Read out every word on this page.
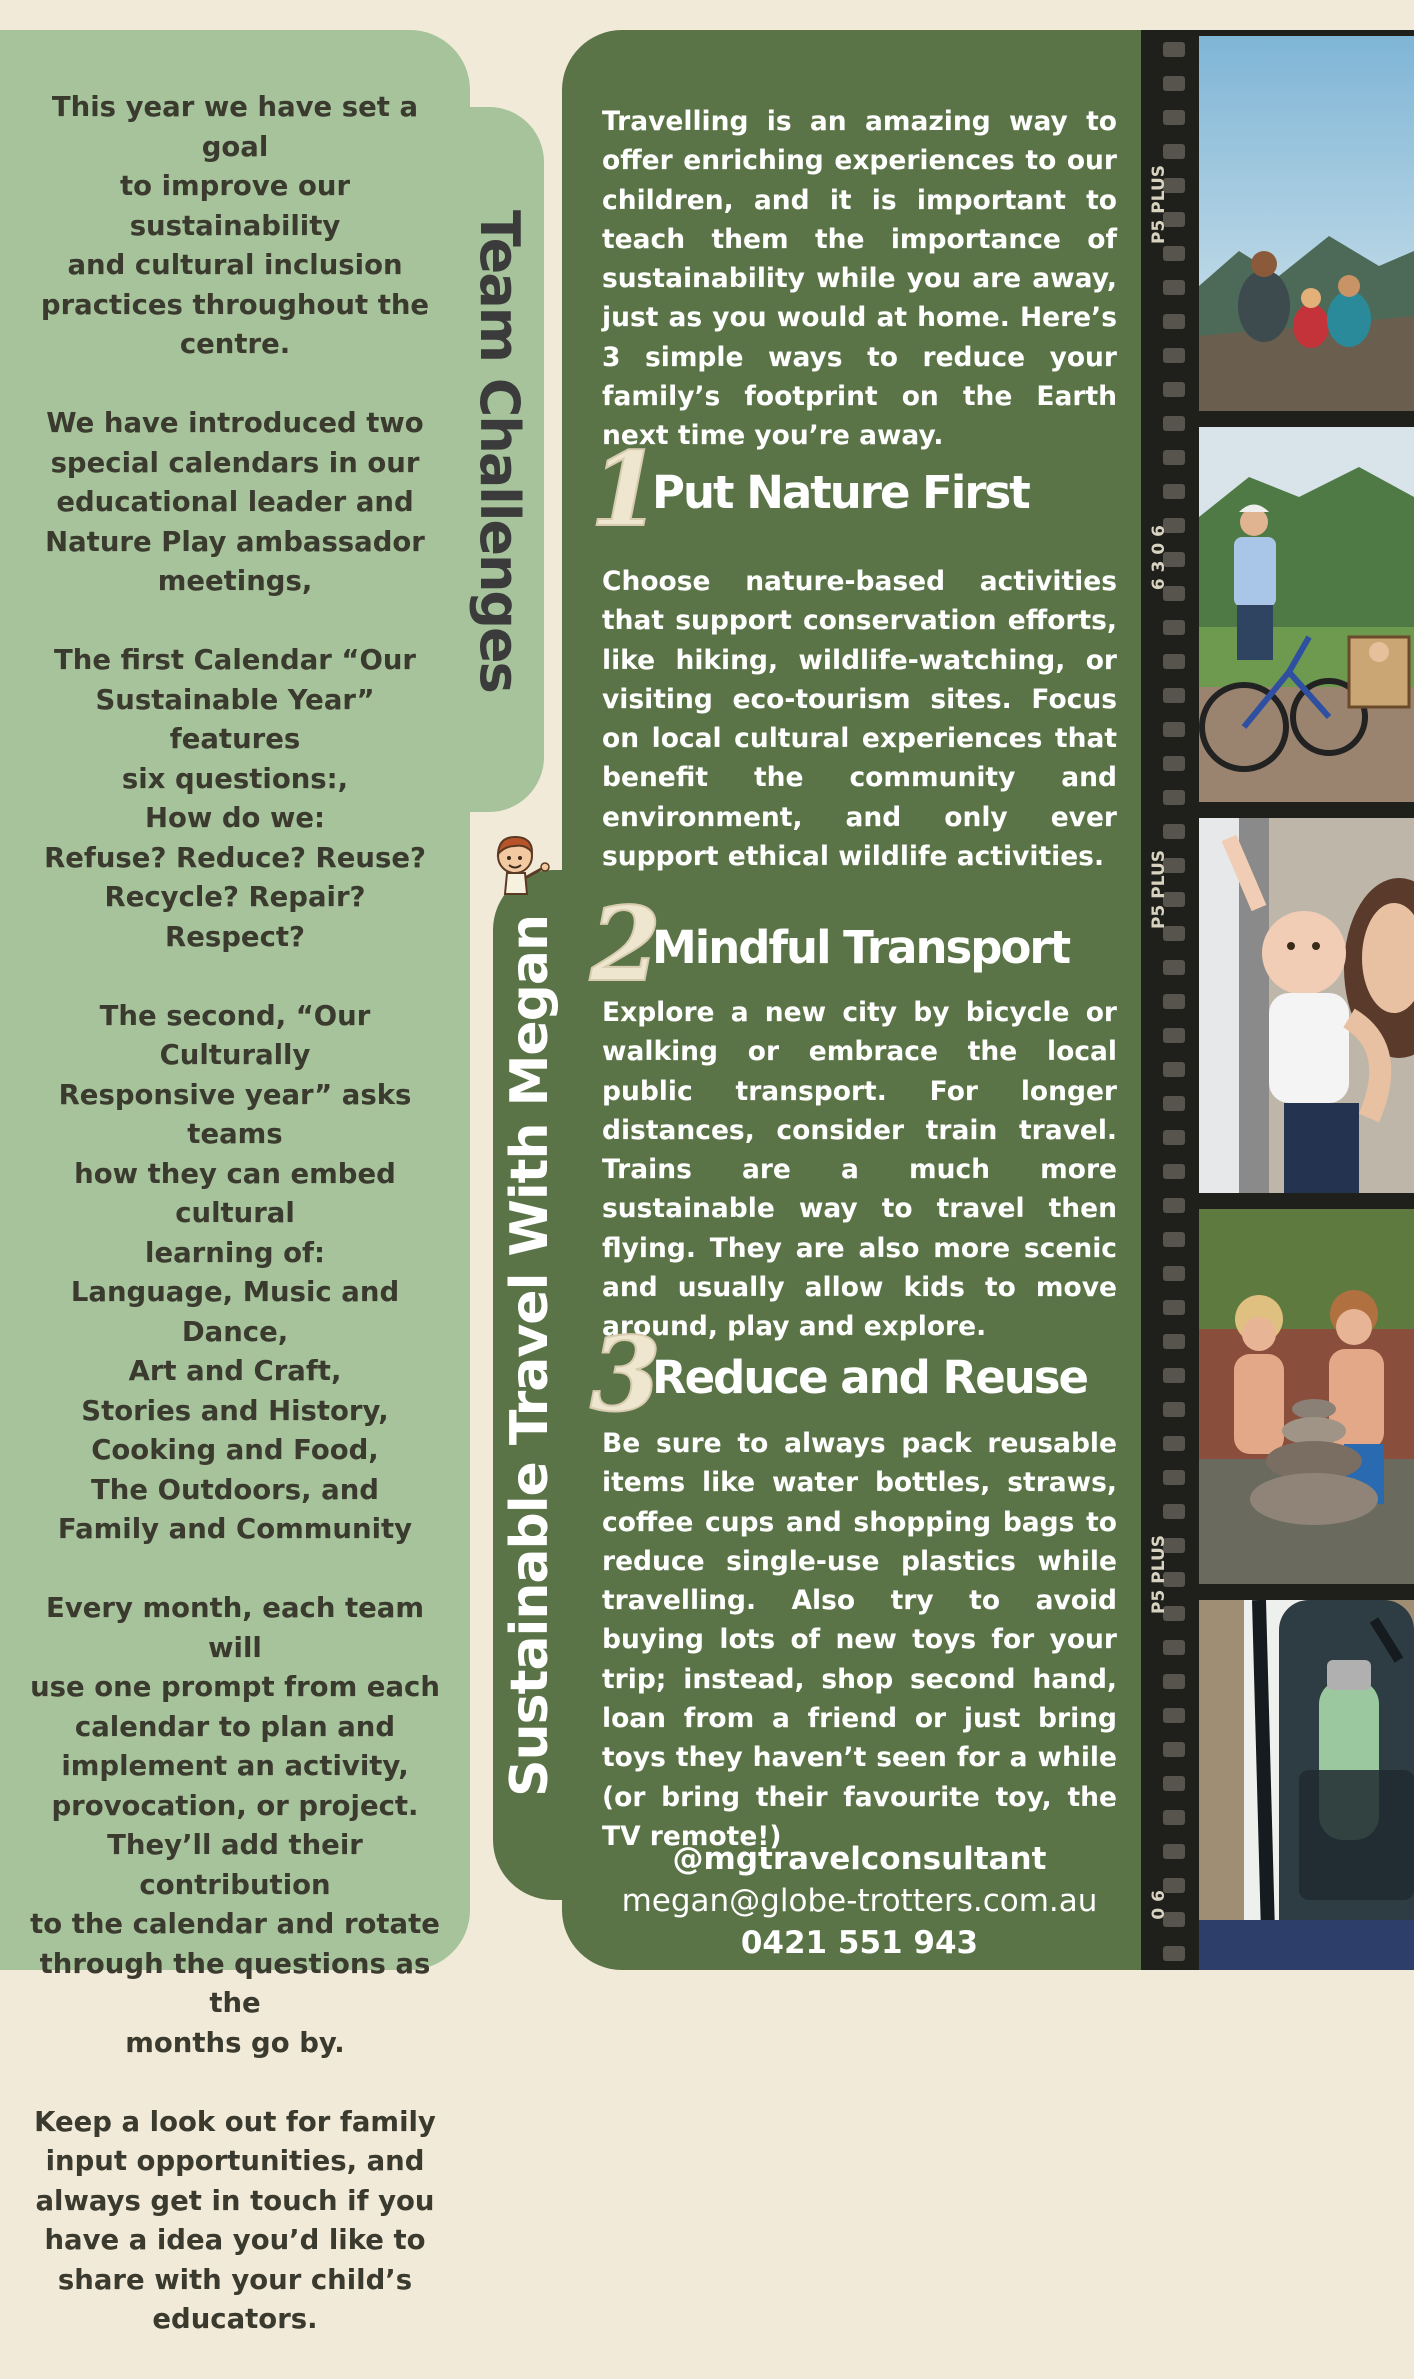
This year we have set a goal
to improve our sustainability
and cultural inclusion
practices throughout the
centre.

We have introduced two
special calendars in our
educational leader and
Nature Play ambassador
meetings,

The first Calendar “Our
Sustainable Year” features
six questions:,
How do we:
Refuse? Reduce? Reuse?
Recycle? Repair? Respect?

The second, “Our Culturally
Responsive year” asks teams
how they can embed cultural
learning of:
Language, Music and Dance,
Art and Craft,
Stories and History,
Cooking and Food,
The Outdoors, and
Family and Community

Every month, each team will
use one prompt from each
calendar to plan and
implement an activity,
provocation, or project.
They’ll add their contribution
to the calendar and rotate
through the questions as the
months go by.

Keep a look out for family
input opportunities, and
always get in touch if you
have a idea you’d like to
share with your child’s
educators.

Team Challenges
Sustainable Travel With Megan
Travelling is an amazing way to offer enriching experiences to our children, and it is important to teach them the importance of sustainability while you are away, just as you would at home. Here’s 3 simple ways to reduce your family’s footprint on the Earth next time you’re away.
1
Put Nature First
Choose nature-based activities that support conservation efforts, like hiking, wildlife-watching, or visiting eco-tourism sites. Focus on local cultural experiences that benefit the community and environment, and only ever support ethical wildlife activities.
2
Mindful Transport
Explore a new city by bicycle or walking or embrace the local public transport. For longer distances, consider train travel. Trains are a much more sustainable way to travel then flying. They are also more scenic and usually allow kids to move around, play and explore.
3
Reduce and Reuse
Be sure to always pack reusable items like water bottles, straws, coffee cups and shopping bags to reduce single-use plastics while travelling. Also try to avoid buying lots of new toys for your trip; instead, shop second hand, loan from a friend or just bring toys they haven’t seen for a while (or bring their favourite toy, the TV remote!)
@mgtravelconsultant
megan@globe-trotters.com.au
0421 551 943
P5 PLUS
6 3 0 6
P5 PLUS
P5 PLUS
0 6
